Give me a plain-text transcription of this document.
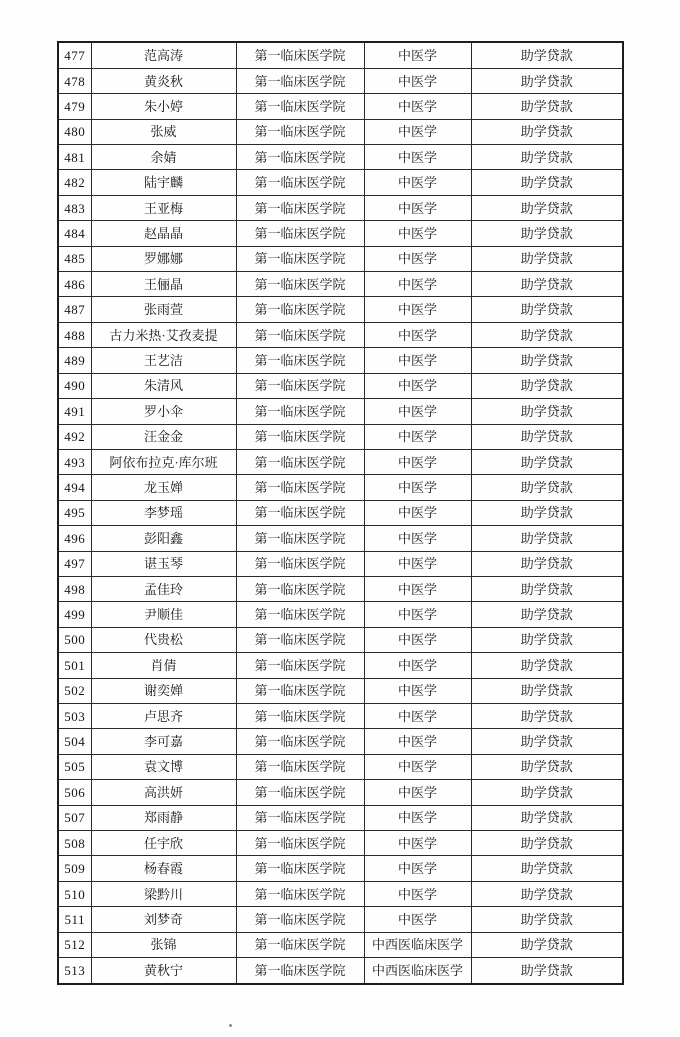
477	范高涛	第一临床医学院	中医学	助学贷款
478	黄炎秋	第一临床医学院	中医学	助学贷款
479	朱小婷	第一临床医学院	中医学	助学贷款
480	张威	第一临床医学院	中医学	助学贷款
481	余婧	第一临床医学院	中医学	助学贷款
482	陆宇麟	第一临床医学院	中医学	助学贷款
483	王亚梅	第一临床医学院	中医学	助学贷款
484	赵晶晶	第一临床医学院	中医学	助学贷款
485	罗娜娜	第一临床医学院	中医学	助学贷款
486	王俪晶	第一临床医学院	中医学	助学贷款
487	张雨萱	第一临床医学院	中医学	助学贷款
488	古力米热·艾孜麦提	第一临床医学院	中医学	助学贷款
489	王艺洁	第一临床医学院	中医学	助学贷款
490	朱清风	第一临床医学院	中医学	助学贷款
491	罗小伞	第一临床医学院	中医学	助学贷款
492	汪金金	第一临床医学院	中医学	助学贷款
493	阿依布拉克·库尔班	第一临床医学院	中医学	助学贷款
494	龙玉婵	第一临床医学院	中医学	助学贷款
495	李梦瑶	第一临床医学院	中医学	助学贷款
496	彭阳鑫	第一临床医学院	中医学	助学贷款
497	谌玉琴	第一临床医学院	中医学	助学贷款
498	孟佳玲	第一临床医学院	中医学	助学贷款
499	尹顺佳	第一临床医学院	中医学	助学贷款
500	代贵松	第一临床医学院	中医学	助学贷款
501	肖倩	第一临床医学院	中医学	助学贷款
502	谢奕婵	第一临床医学院	中医学	助学贷款
503	卢思齐	第一临床医学院	中医学	助学贷款
504	李可嘉	第一临床医学院	中医学	助学贷款
505	袁文博	第一临床医学院	中医学	助学贷款
506	高洪妍	第一临床医学院	中医学	助学贷款
507	郑雨静	第一临床医学院	中医学	助学贷款
508	任宇欣	第一临床医学院	中医学	助学贷款
509	杨春霞	第一临床医学院	中医学	助学贷款
510	梁黔川	第一临床医学院	中医学	助学贷款
511	刘梦奇	第一临床医学院	中医学	助学贷款
512	张锦	第一临床医学院	中西医临床医学	助学贷款
513	黄秋宁	第一临床医学院	中西医临床医学	助学贷款
